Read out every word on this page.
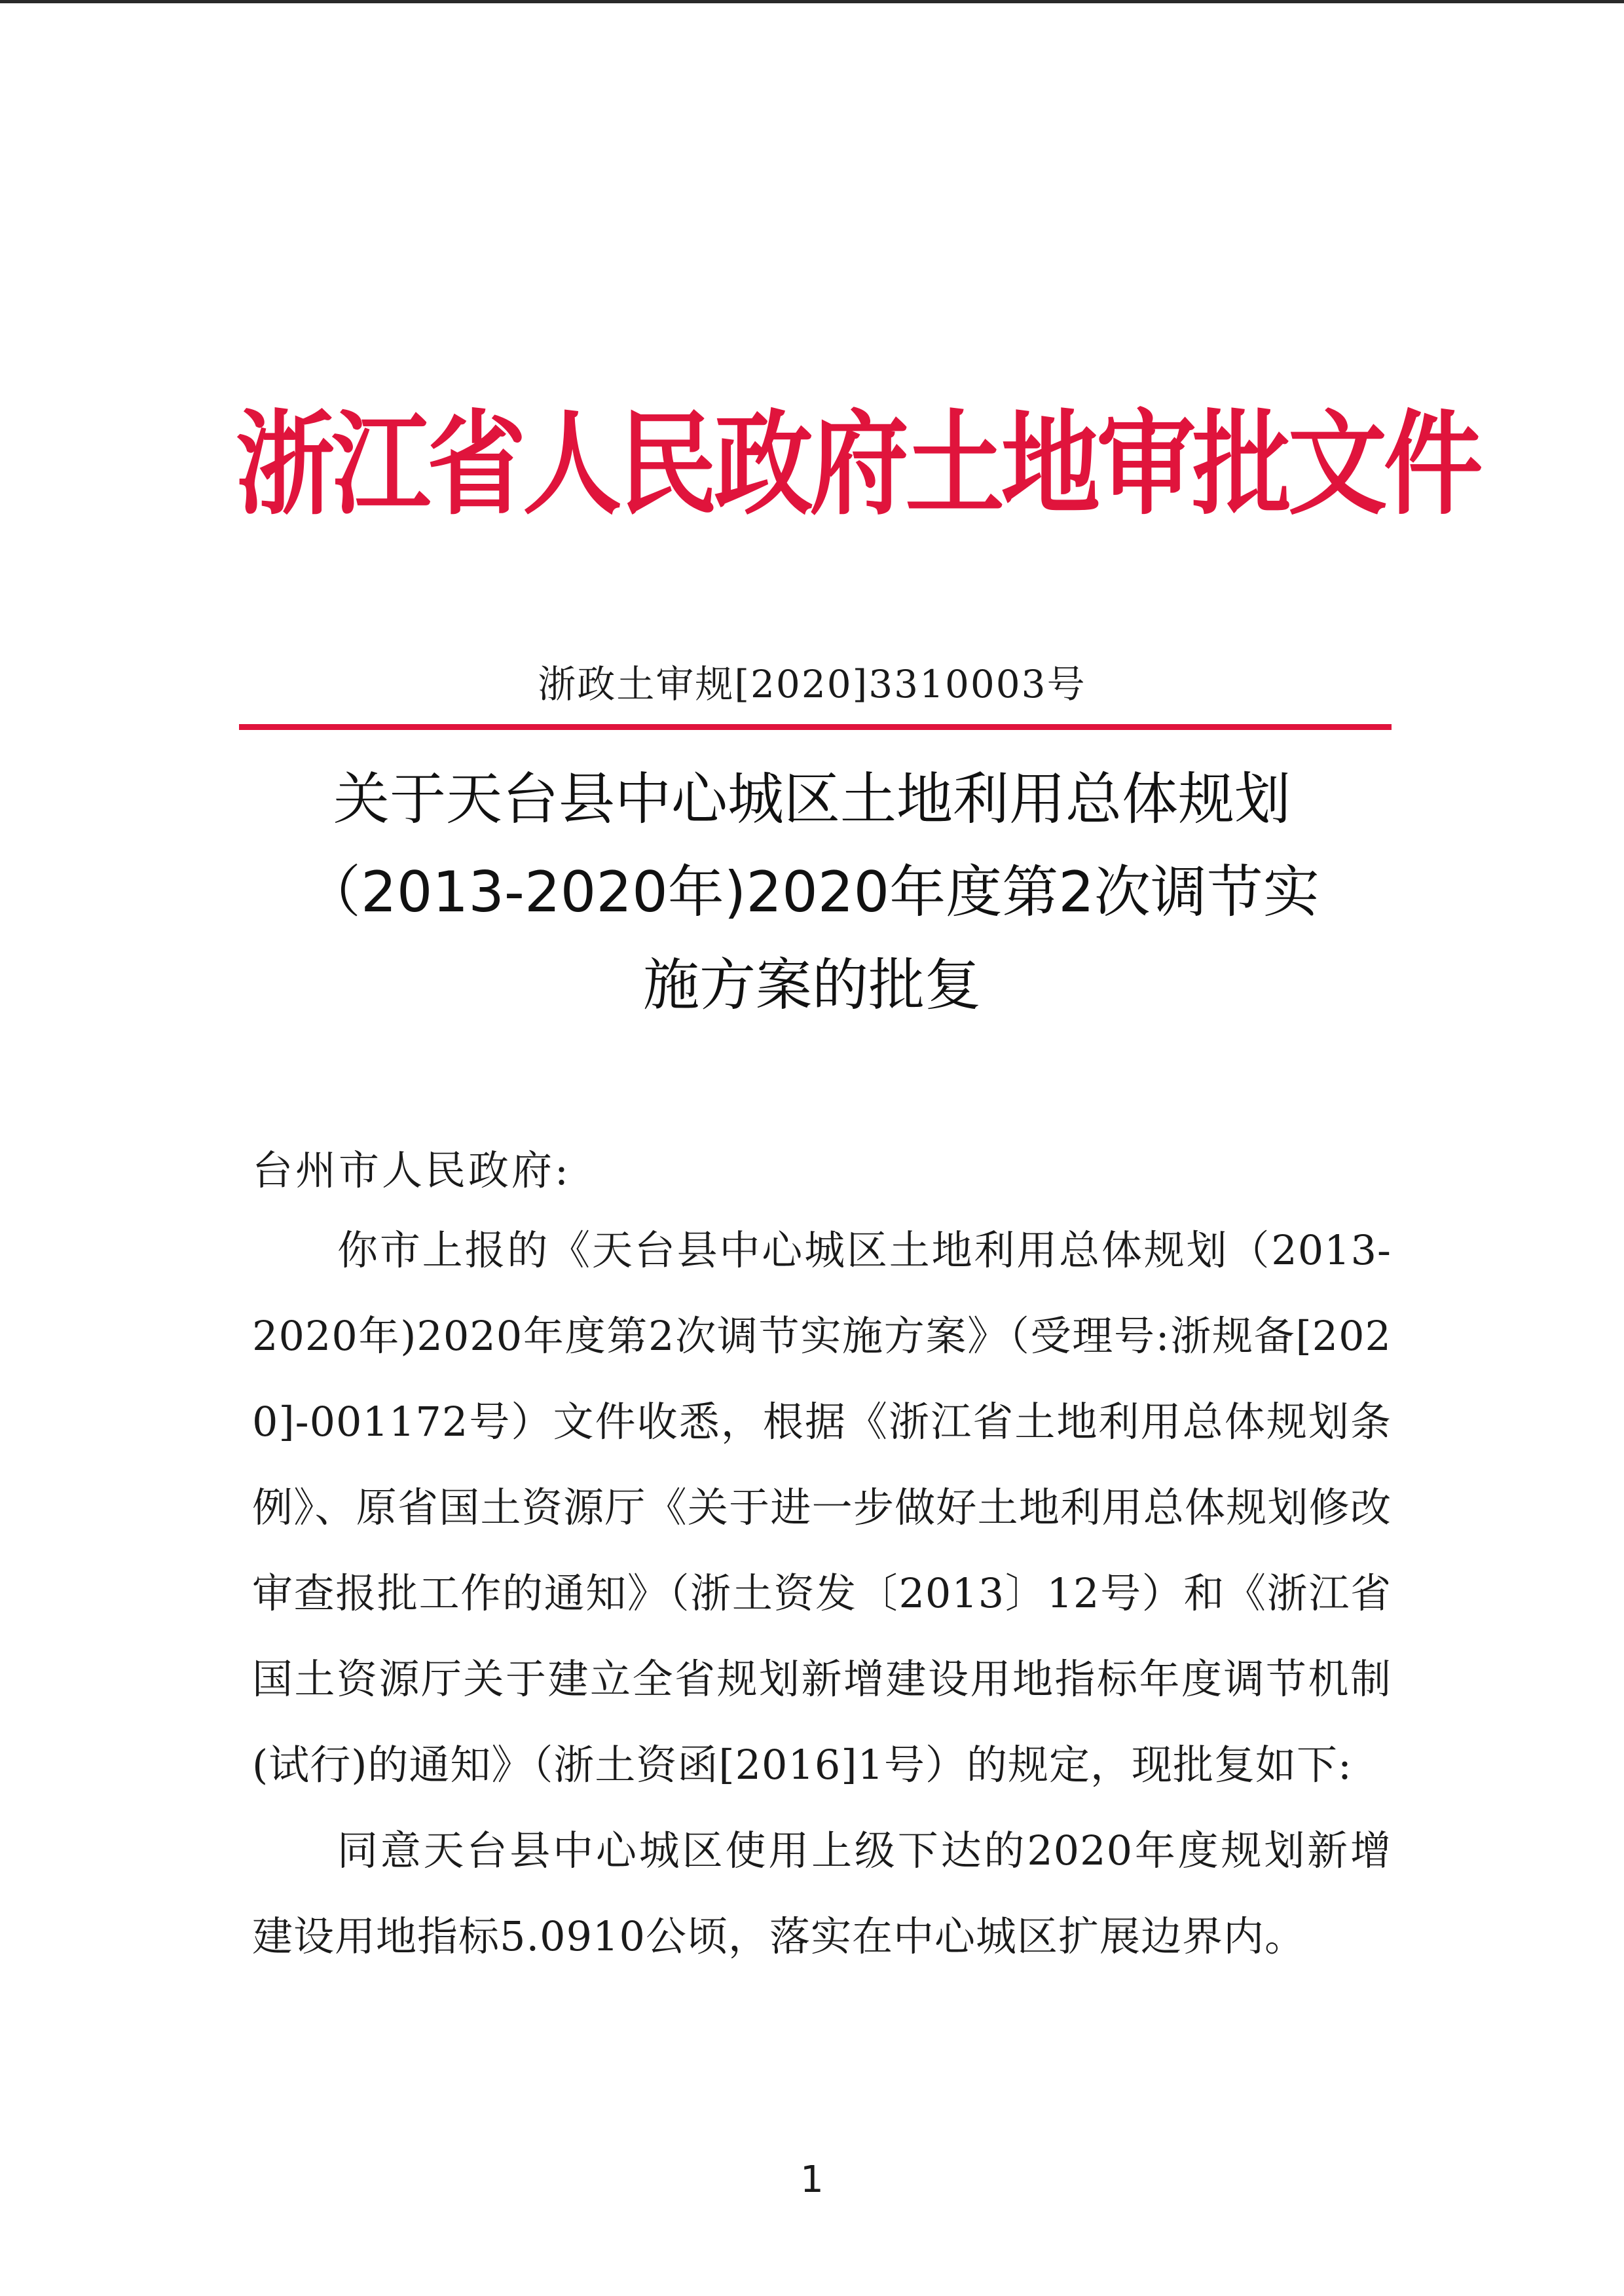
浙江省人民政府土地审批文件
浙政土审规[2020]3310003号
关于天台县中心城区土地利用总体规划
（2013-2020年)2020年度第2次调节实
施方案的批复
台州市人民政府:

你市上报的《天台县中心城区土地利用总体规划（2013-2020年)2020年度第2次调节实施方案》（受理号:浙规备[2020]-001172号）文件收悉，根据《浙江省土地利用总体规划条例》、原省国土资源厅《关于进一步做好土地利用总体规划修改审查报批工作的通知》（浙土资发〔2013〕12号）和《浙江省国土资源厅关于建立全省规划新增建设用地指标年度调节机制(试行)的通知》（浙土资函[2016]1号）的规定，现批复如下:

同意天台县中心城区使用上级下达的2020年度规划新增建设用地指标5.0910公顷，落实在中心城区扩展边界内。

1
